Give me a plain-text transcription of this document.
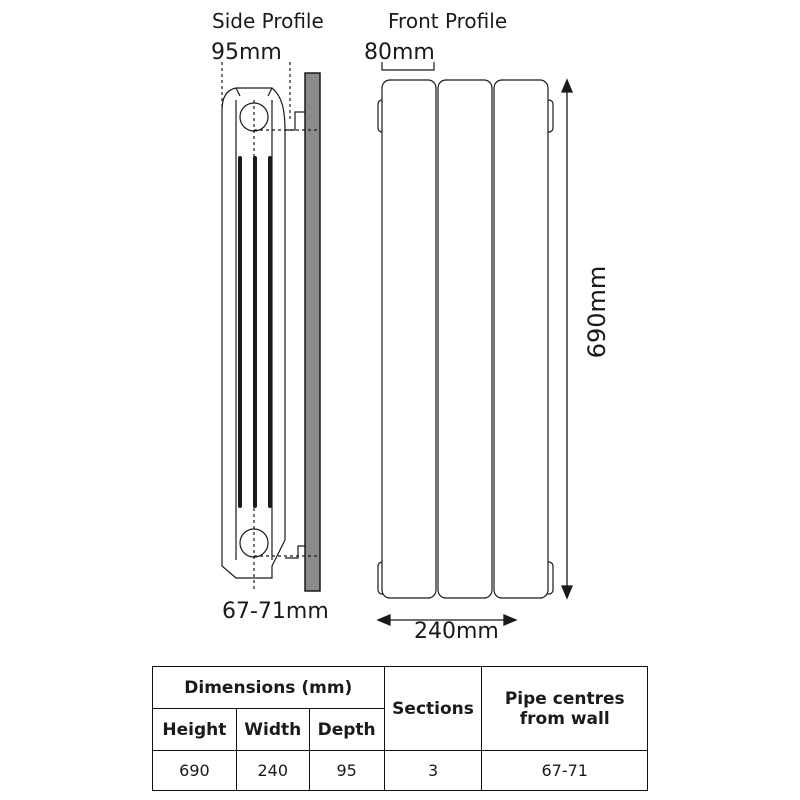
Side Profile	Front Profile
95mm	80mm
67-71mm
240mm
690mm
Dimensions (mm)			Sections	Pipe centres from wall
Height	Width	Depth		
690	240	95	3	67-71
